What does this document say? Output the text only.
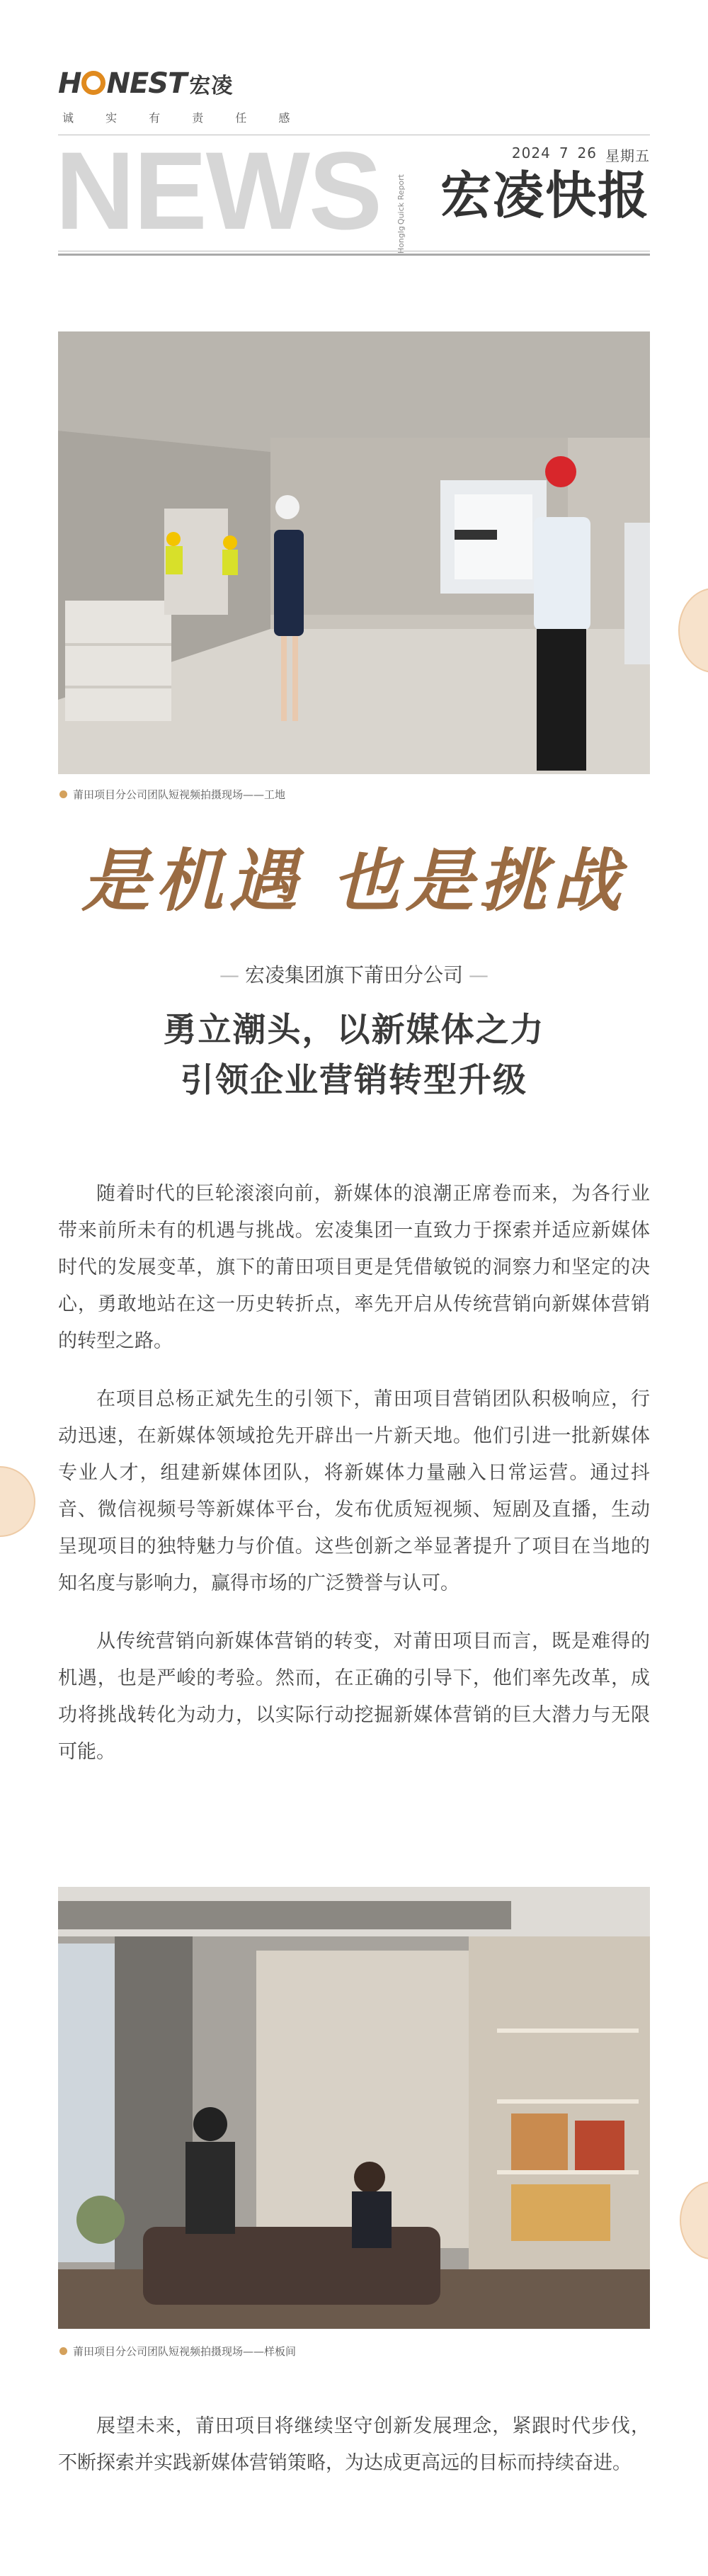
H NEST 宏凌
诚 实 有 责 任 感
2024 7 26 星期五
NEWS Honglg
Quick Report 宏凌快报
莆田项目分公司团队短视频拍摄现场——工地
是机遇 也是挑战
— 宏凌集团旗下莆田分公司 —
勇立潮头，以新媒体之力
引领企业营销转型升级

随着时代的巨轮滚滚向前，新媒体的浪潮正席卷而来，为各行业带来前所未有的机遇与挑战。宏凌集团一直致力于探索并适应新媒体时代的发展变革，旗下的莆田项目更是凭借敏锐的洞察力和坚定的决心，勇敢地站在这一历史转折点，率先开启从传统营销向新媒体营销的转型之路。

在项目总杨正斌先生的引领下，莆田项目营销团队积极响应，行动迅速，在新媒体领域抢先开辟出一片新天地。他们引进一批新媒体专业人才，组建新媒体团队，将新媒体力量融入日常运营。通过抖音、微信视频号等新媒体平台，发布优质短视频、短剧及直播，生动呈现项目的独特魅力与价值。这些创新之举显著提升了项目在当地的知名度与影响力，赢得市场的广泛赞誉与认可。

从传统营销向新媒体营销的转变，对莆田项目而言，既是难得的机遇，也是严峻的考验。然而，在正确的引导下，他们率先改革，成功将挑战转化为动力，以实际行动挖掘新媒体营销的巨大潜力与无限可能。

莆田项目分公司团队短视频拍摄现场——样板间

展望未来，莆田项目将继续坚守创新发展理念，紧跟时代步伐，不断探索并实践新媒体营销策略，为达成更高远的目标而持续奋进。
